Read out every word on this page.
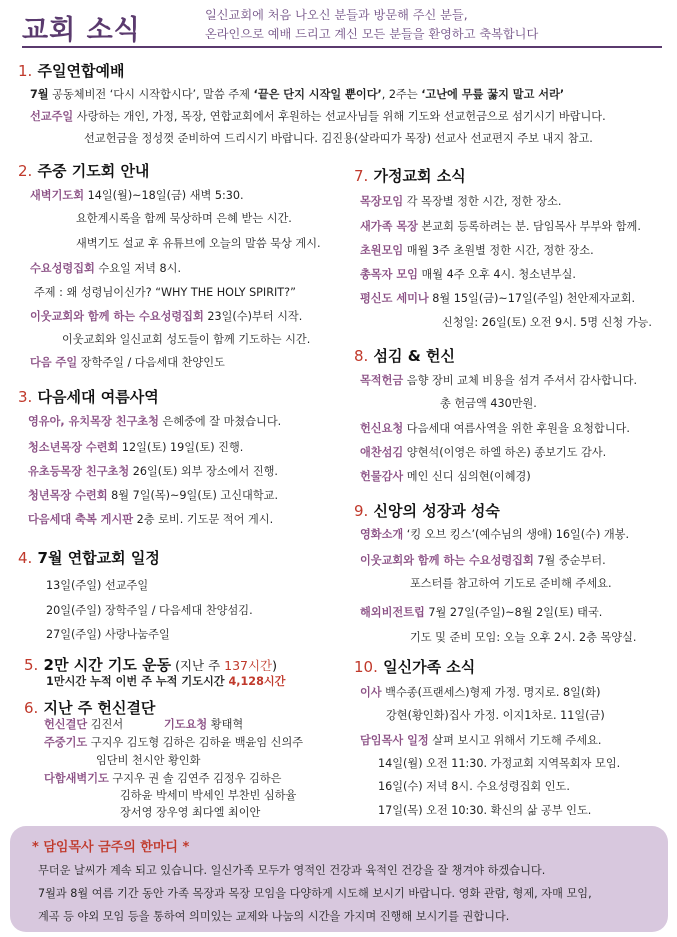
교회 소식	일신교회에 처음 나오신 분들과 방문해 주신 분들,
온라인으로 예배 드리고 계신 모든 분들을 환영하고 축복합니다
1. 주일연합예배
7월 공동체비전 ‘다시 시작합시다’, 말씀 주제 ‘끝은 단지 시작일 뿐이다’, 2주는 ‘고난에 무릎 꿇지 말고 서라’
선교주일 사랑하는 개인, 가정, 목장, 연합교회에서 후원하는 선교사님들 위해 기도와 선교헌금으로 섬기시기 바랍니다.
선교헌금을 정성껏 준비하여 드리시기 바랍니다. 김진용(살라띠가 목장) 선교사 선교편지 주보 내지 참고.
2. 주중 기도회 안내
새벽기도회 14일(월)~18일(금) 새벽 5:30.
요한계시록을 함께 묵상하며 은혜 받는 시간.
새벽기도 설교 후 유튜브에 오늘의 말씀 묵상 게시.
수요성령집회 수요일 저녁 8시.
주제 : 왜 성령님이신가? “WHY THE HOLY SPIRIT?”
이웃교회와 함께 하는 수요성령집회 23일(수)부터 시작.
이웃교회와 일신교회 성도들이 함께 기도하는 시간.
다음 주일 장학주일 / 다음세대 찬양인도
3. 다음세대 여름사역
영유아, 유치목장 친구초청 은혜중에 잘 마쳤습니다.
청소년목장 수련회 12일(토) 19일(토) 진행.
유초등목장 친구초청 26일(토) 외부 장소에서 진행.
청년목장 수련회 8월 7일(목)~9일(토) 고신대학교.
다음세대 축복 게시판 2층 로비. 기도문 적어 게시.
4. 7월 연합교회 일정
13일(주일) 선교주일
20일(주일) 장학주일 / 다음세대 찬양섬김.
27일(주일) 사랑나눔주일
5. 2만 시간 기도 운동 (지난 주 137시간)
1만시간 누적 이번 주 누적 기도시간 4,128시간
6. 지난 주 헌신결단
헌신결단 김진서	기도요청 황태혁
주중기도 구지우 김도형 김하은 김하윤 백윤임 신의주
임단비 천시안 황인화
다함새벽기도 구지우 권 솔 김연주 김정우 김하은
김하윤 박세미 박세인 부찬빈 심하율
장서영 장우영 최다엘 최이안
7. 가정교회 소식
목장모임 각 목장별 정한 시간, 정한 장소.
새가족 목장 본교회 등록하려는 분. 담임목사 부부와 함께.
초원모임 매월 3주 초원별 정한 시간, 정한 장소.
총목자 모임 매월 4주 오후 4시. 청소년부실.
평신도 세미나 8월 15일(금)~17일(주일) 천안제자교회.
신청일: 26일(토) 오전 9시. 5명 신청 가능.
8. 섬김 & 헌신
목적헌금 음향 장비 교체 비용을 섬겨 주셔서 감사합니다.
총 헌금액 430만원.
헌신요청 다음세대 여름사역을 위한 후원을 요청합니다.
애찬섬김 양현석(이영은 하엘 하온) 종보기도 감사.
헌물감사 메인 신디 심의현(이혜경)
9. 신앙의 성장과 성숙
영화소개 ‘킹 오브 킹스’(예수님의 생애) 16일(수) 개봉.
이웃교회와 함께 하는 수요성령집회 7월 중순부터.
포스터를 참고하여 기도로 준비해 주세요.
해외비전트립 7월 27일(주일)~8월 2일(토) 태국.
기도 및 준비 모임: 오늘 오후 2시. 2층 목양실.
10. 일신가족 소식
이사 백수종(프랜세스)형제 가정. 명지로. 8일(화)
강현(황인화)집사 가정. 이지1차로. 11일(금)
담임목사 일정 살펴 보시고 위해서 기도해 주세요.
14일(월) 오전 11:30. 가정교회 지역목회자 모임.
16일(수) 저녁 8시. 수요성령집회 인도.
17일(목) 오전 10:30. 확신의 삶 공부 인도.
* 담임목사 금주의 한마디 *
무더운 날씨가 계속 되고 있습니다. 일신가족 모두가 영적인 건강과 육적인 건강을 잘 챙겨야 하겠습니다.
7월과 8월 여름 기간 동안 가족 목장과 목장 모임을 다양하게 시도해 보시기 바랍니다. 영화 관람, 형제, 자매 모임,
계곡 등 야외 모임 등을 통하여 의미있는 교제와 나눔의 시간을 가지며 진행해 보시기를 권합니다.
